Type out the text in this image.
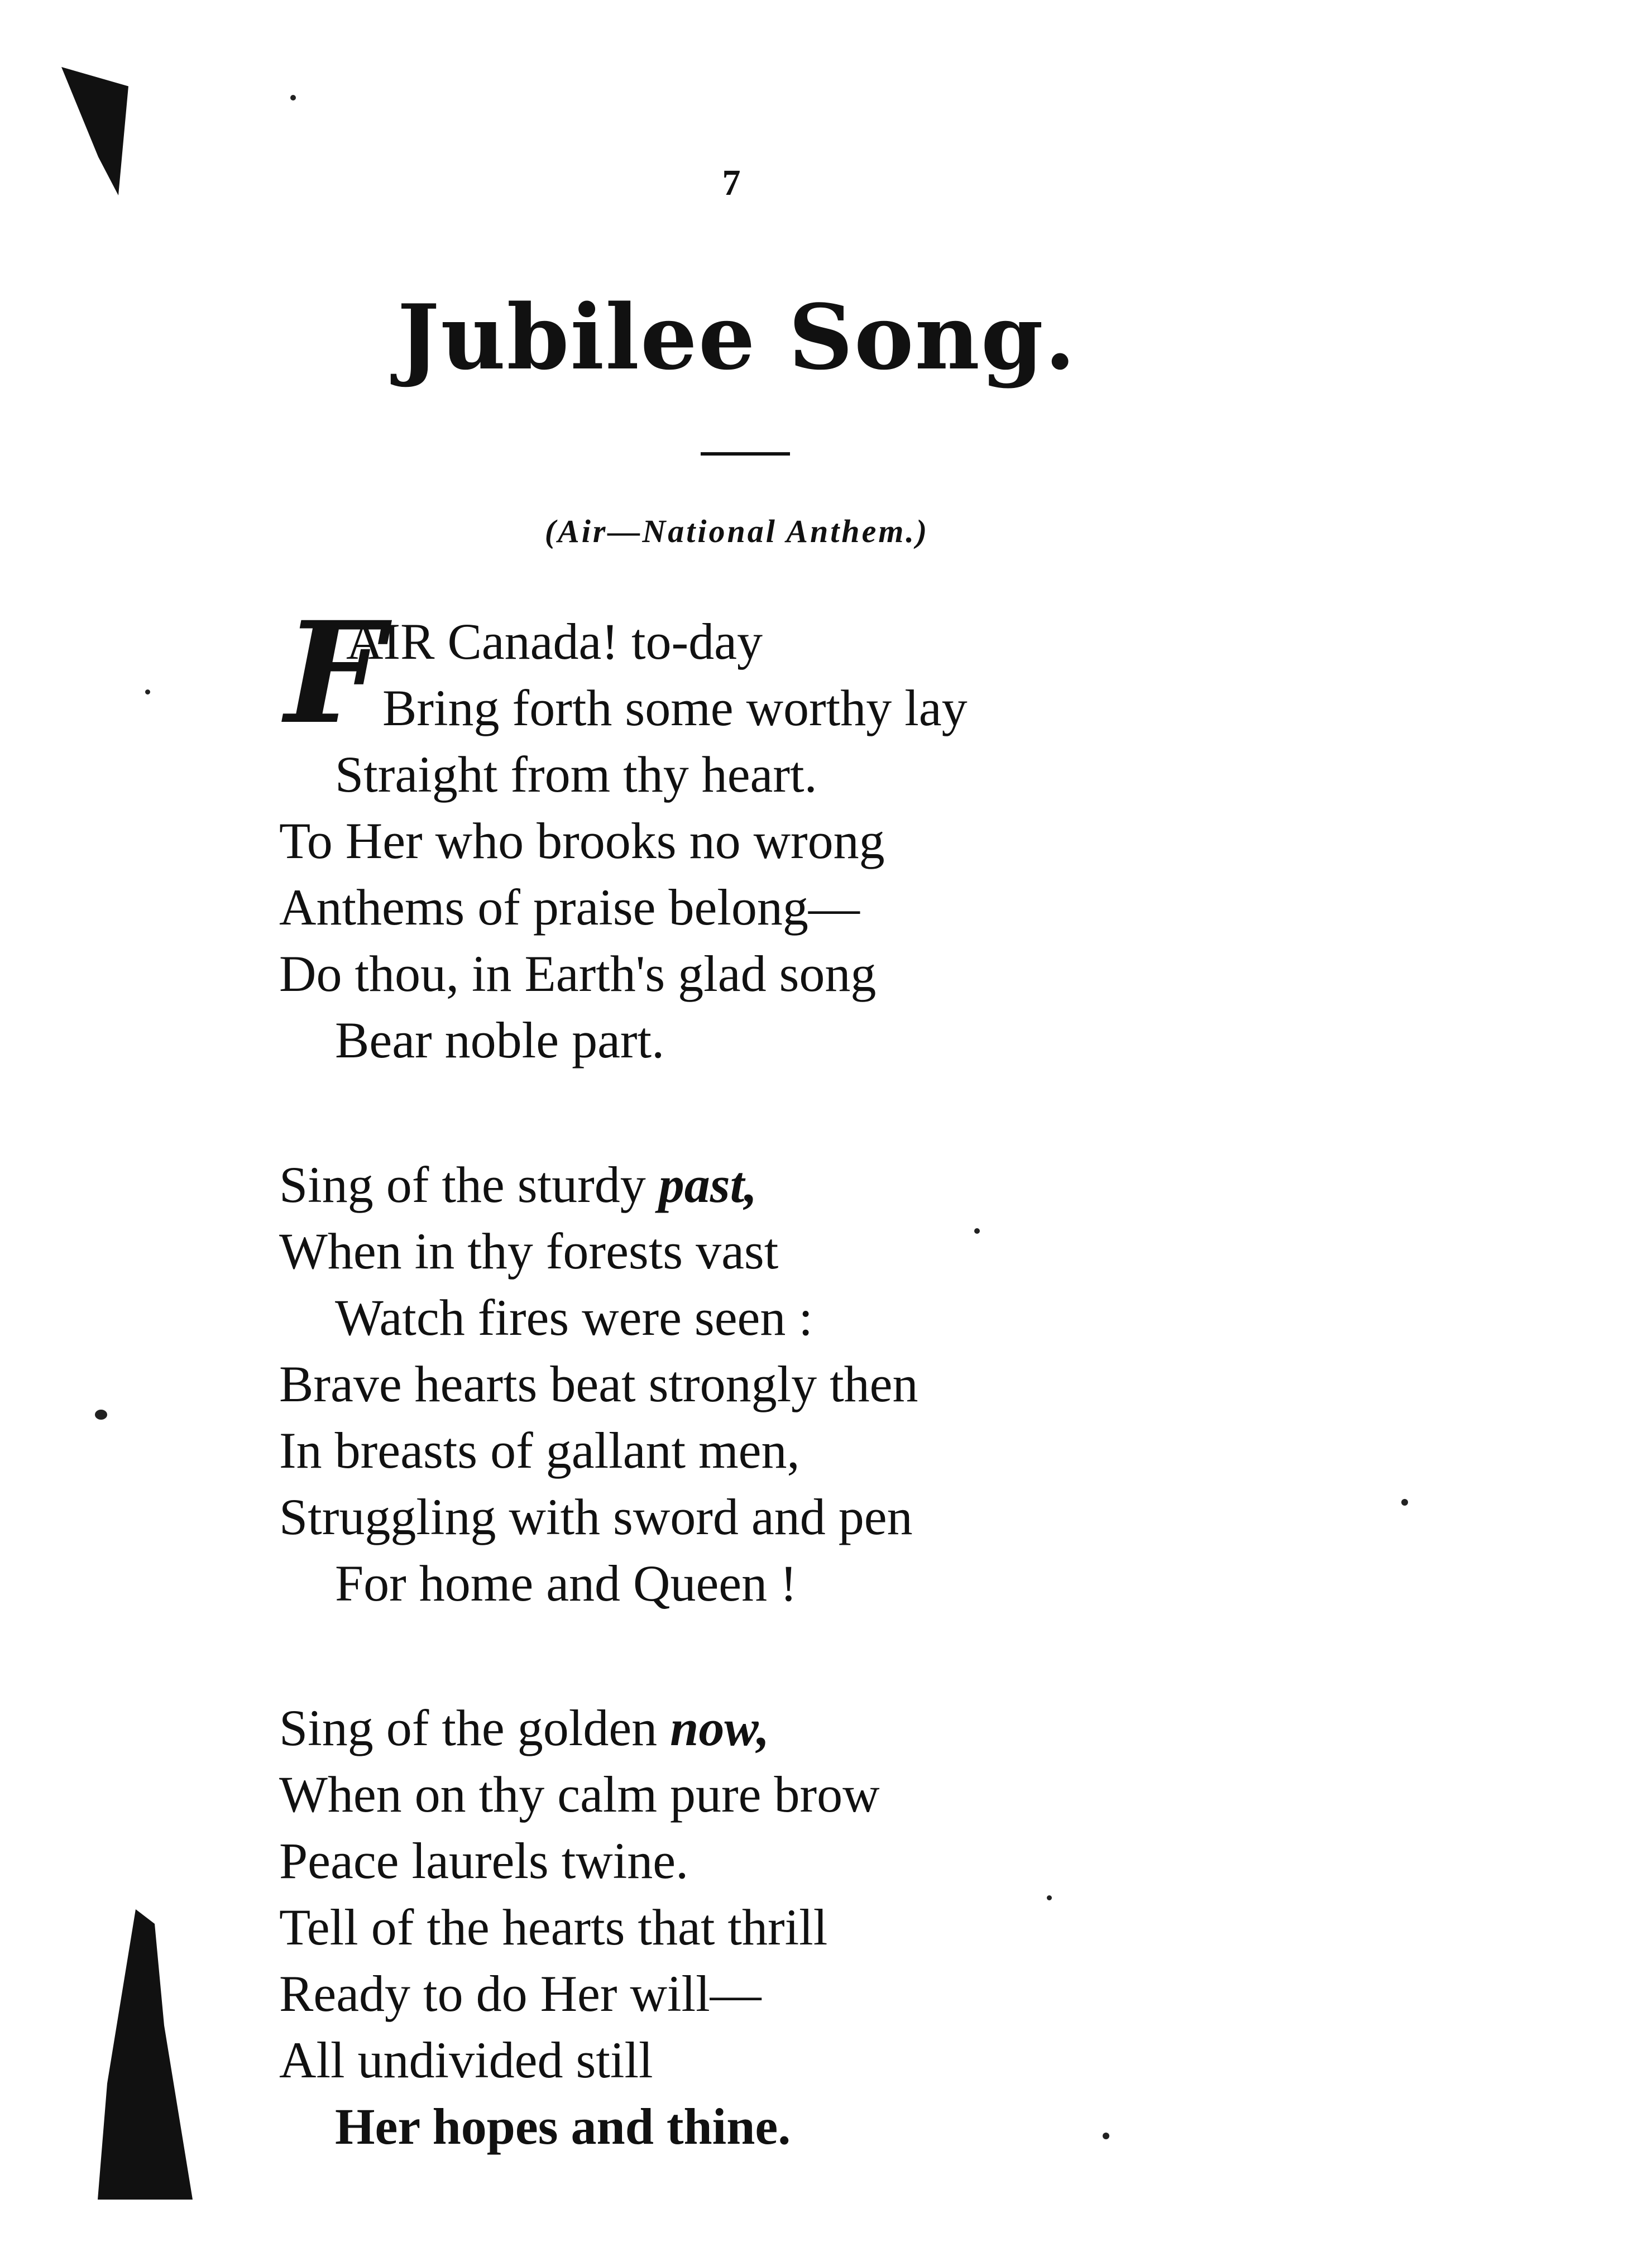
7
Jubilee Song.
(Air—National Anthem.)
F
AIR Canada! to-day
Bring forth some worthy lay
Straight from thy heart.
To Her who brooks no wrong
Anthems of praise belong—
Do thou, in Earth's glad song
Bear noble part.
Sing of the sturdy past,
When in thy forests vast
Watch fires were seen :
Brave hearts beat strongly then
In breasts of gallant men,
Struggling with sword and pen
For home and Queen !
Sing of the golden now,
When on thy calm pure brow
Peace laurels twine.
Tell of the hearts that thrill
Ready to do Her will—
All undivided still
Her hopes and thine.
